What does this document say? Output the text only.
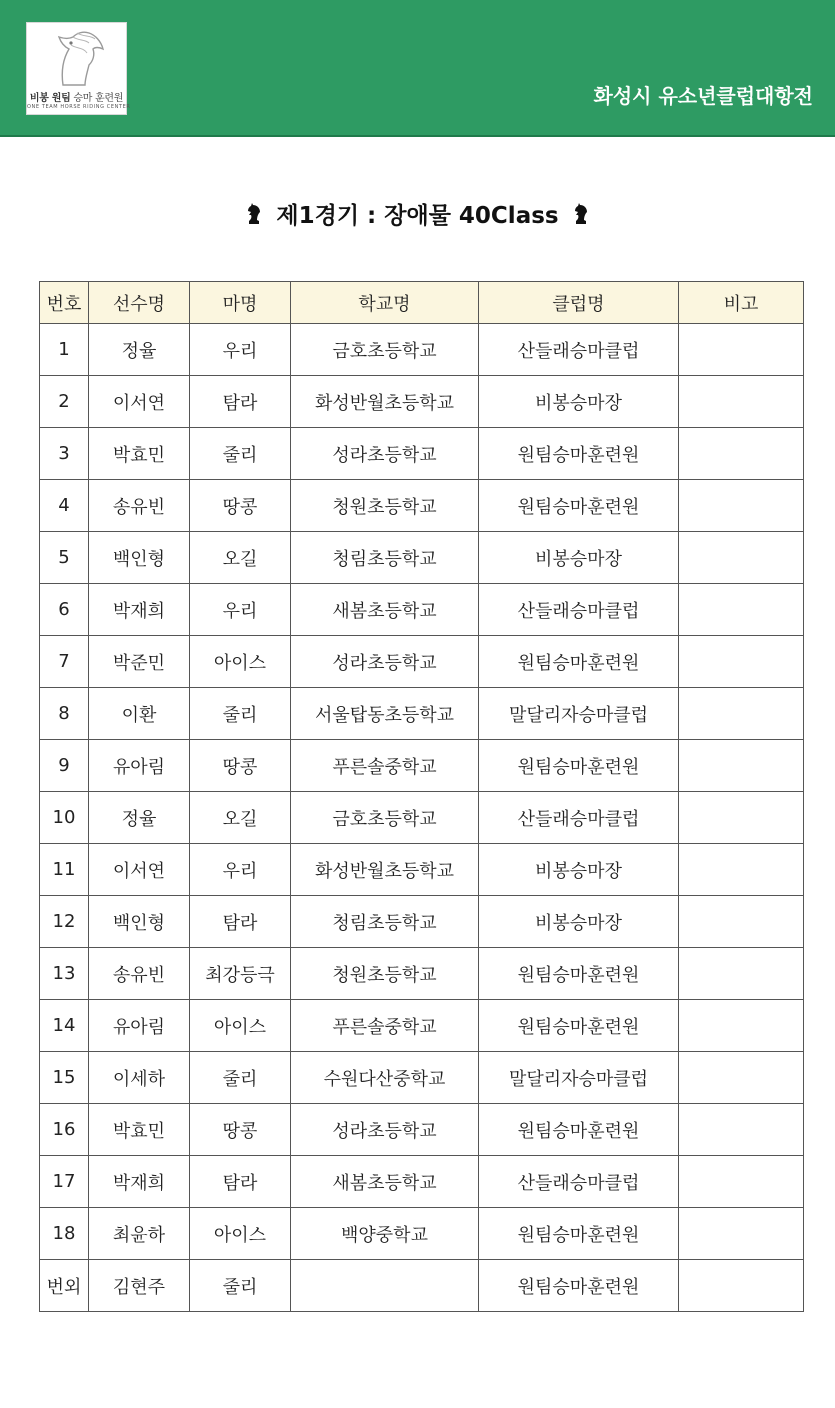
비봉 원팀 승마 훈련원
ONE TEAM HORSE RIDING CENTER	화성시 유소년클럽대항전
제1경기 : 장애물 40Class
번호	선수명	마명	학교명	클럽명	비고
1	정율	우리	금호초등학교	산들래승마클럽	
2	이서연	탐라	화성반월초등학교	비봉승마장	
3	박효민	줄리	성라초등학교	원팀승마훈련원	
4	송유빈	땅콩	청원초등학교	원팀승마훈련원	
5	백인형	오길	청림초등학교	비봉승마장	
6	박재희	우리	새봄초등학교	산들래승마클럽	
7	박준민	아이스	성라초등학교	원팀승마훈련원	
8	이환	줄리	서울탑동초등학교	말달리자승마클럽	
9	유아림	땅콩	푸른솔중학교	원팀승마훈련원	
10	정율	오길	금호초등학교	산들래승마클럽	
11	이서연	우리	화성반월초등학교	비봉승마장	
12	백인형	탐라	청림초등학교	비봉승마장	
13	송유빈	최강등극	청원초등학교	원팀승마훈련원	
14	유아림	아이스	푸른솔중학교	원팀승마훈련원	
15	이세하	줄리	수원다산중학교	말달리자승마클럽	
16	박효민	땅콩	성라초등학교	원팀승마훈련원	
17	박재희	탐라	새봄초등학교	산들래승마클럽	
18	최윤하	아이스	백양중학교	원팀승마훈련원	
번외	김현주	줄리		원팀승마훈련원	
